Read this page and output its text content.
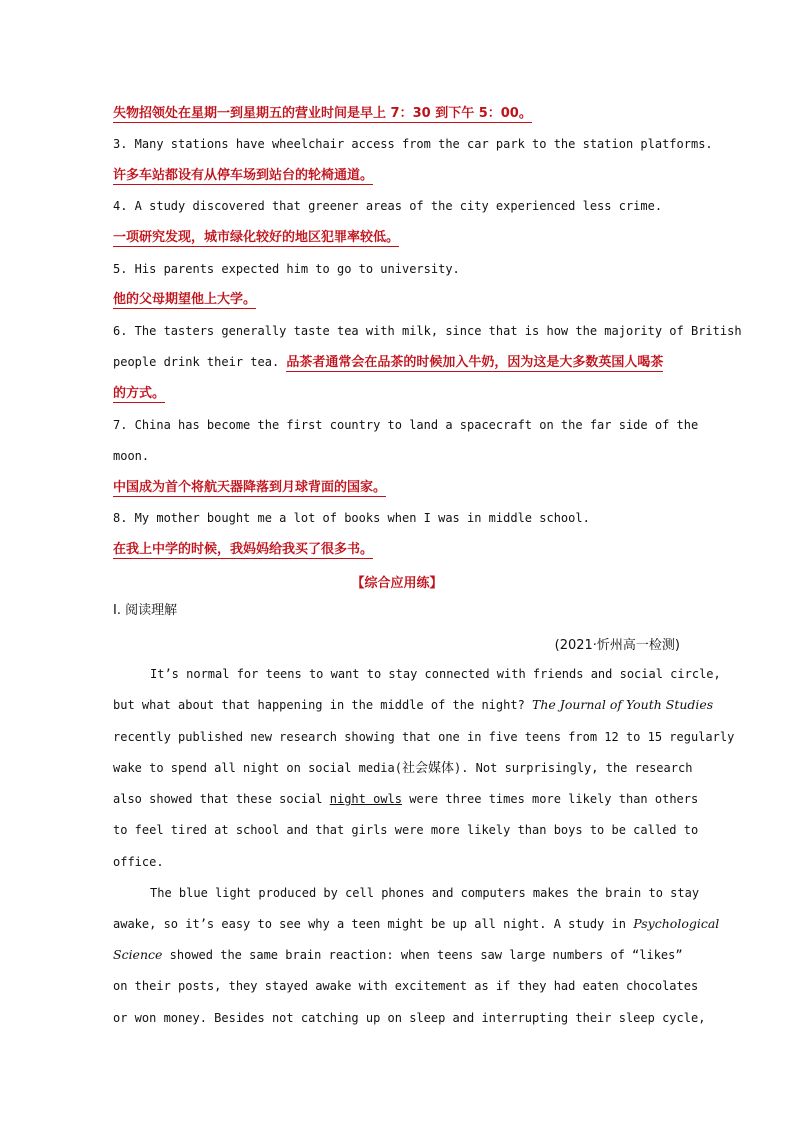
失物招领处在星期一到星期五的营业时间是早上 7：30 到下午 5：00。
3. Many stations have wheelchair access from the car park to the station platforms.
许多车站都设有从停车场到站台的轮椅通道。
4. A study discovered that greener areas of the city experienced less crime.
一项研究发现，城市绿化较好的地区犯罪率较低。
5. His parents expected him to go to university.
他的父母期望他上大学。
6. The tasters generally taste tea with milk, since that is how the majority of British
people drink their tea. 品茶者通常会在品茶的时候加入牛奶，因为这是大多数英国人喝茶
的方式。
7. China has become the first country to land a spacecraft on the far side of the
moon.
中国成为首个将航天器降落到月球背面的国家。
8. My mother bought me a lot of books when I was in middle school.
在我上中学的时候，我妈妈给我买了很多书。
【综合应用练】
Ⅰ. 阅读理解
(2021·忻州高一检测)
It’s normal for teens to want to stay connected with friends and social circle,
but what about that happening in the middle of the night? The Journal of Youth Studies
recently published new research showing that one in five teens from 12 to 15 regularly
wake to spend all night on social media(社会媒体). Not surprisingly, the research
also showed that these social night owls were three times more likely than others
to feel tired at school and that girls were more likely than boys to be called to
office.
The blue light produced by cell phones and computers makes the brain to stay
awake, so it’s easy to see why a teen might be up all night. A study in Psychological
Science showed the same brain reaction: when teens saw large numbers of “likes”
on their posts, they stayed awake with excitement as if they had eaten chocolates
or won money. Besides not catching up on sleep and interrupting their sleep cycle,
